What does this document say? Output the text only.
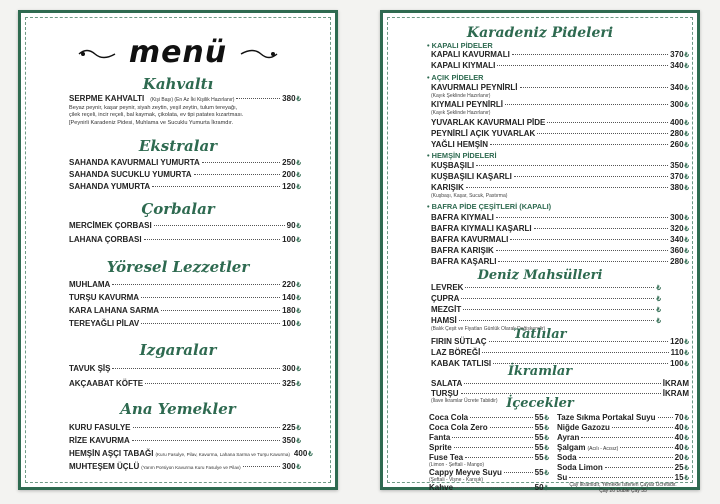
menü
Kahvaltı
SERPME KAHVALTI (Kişi Başı) (En Az İki Kişilik Hazırlanır)	380 ₺
Beyaz peynir, kaşar peynir, siyah zeytin, yeşil zeytin, tulum tereyağı,
çilek reçeli, incir reçeli, bal kaymak, çikolata, ev tipi patates kızartması.
[Peynirli Karadeniz Pidesi, Muhlama ve Sucuklu Yumurta İkramdır.
Ekstralar
SAHANDA KAVURMALI YUMURTA	250 ₺
SAHANDA SUCUKLU YUMURTA	200 ₺
SAHANDA YUMURTA	120 ₺
Çorbalar
MERCİMEK ÇORBASI	90 ₺
LAHANA ÇORBASI	100 ₺
Yöresel Lezzetler
MUHLAMA	220 ₺
TURŞU KAVURMA	140 ₺
KARA LAHANA SARMA	180 ₺
TEREYAĞLI PİLAV	100 ₺
Izgaralar
TAVUK ŞİŞ	300 ₺
AKÇAABAT KÖFTE	325 ₺
Ana Yemekler
KURU FASULYE	225 ₺
RİZE KAVURMA	350 ₺
HEMŞİN AŞÇI TABAĞI (Kuru Fasulye, Pilav, Kavurma, Lahana Sarma ve Turşu Kavurma) 400 ₺
MUHTEŞEM ÜÇLÜ (Yarım Porsiyon Kavurma Kuru Fasulye ve Pilav)	300 ₺
Karadeniz Pideleri
• KAPALI PİDELER
KAPALI KAVURMALI	370 ₺
KAPALI KIYMALI	340 ₺
• AÇIK PİDELER
KAVURMALI PEYNİRLİ	340 ₺
(Kayık Şeklinde Hazırlanır)
KIYMALI PEYNİRLİ	300 ₺
(Kayık Şeklinde Hazırlanır)
YUVARLAK KAVURMALI PİDE	400 ₺
PEYNİRLİ AÇIK YUVARLAK	280 ₺
YAĞLI HEMŞİN	260 ₺
• HEMŞİN PİDELERİ
KUŞBAŞILI	350 ₺
KUŞBAŞILI KAŞARLI	370 ₺
KARIŞIK	380 ₺
(Kuşbaşı, Kaşar, Sucuk, Pastırma)
• BAFRA PİDE ÇEŞİTLERİ (KAPALI)
BAFRA KIYMALI	300 ₺
BAFRA KIYMALI KAŞARLI	320 ₺
BAFRA KAVURMALI	340 ₺
BAFRA KARIŞIK	360 ₺
BAFRA KAŞARLI	280 ₺
Deniz Mahsülleri
LEVREK	₺
ÇUPRA	₺
MEZGİT	₺
HAMSİ	₺
(Balık Çeşit ve Fiyatları Günlük Olarak Değişkendir)
Tatlılar
FIRIN SÜTLAÇ	120 ₺
LAZ BÖREĞİ	110 ₺
KABAK TATLISI	100 ₺
İkramlar
SALATA	İKRAM
TURŞU	İKRAM
(İlave İkramlar Ücrete Tabiidir) İçecekler
Coca Cola	55 ₺
Coca Cola Zero	55 ₺
Fanta	55 ₺
Sprite	55 ₺
Fuse Tea	55 ₺
(Limon - Şeftali - Mango)
Cappy Meyve Suyu	55 ₺
(Şeftali - Vişne - Karışık)
Kahve	50 ₺
Taze Sıkma Portakal Suyu 70 ₺
Niğde Gazozu	40 ₺
Ayran	40 ₺
Şalgam (Acılı - Acısız)	40 ₺
Soda	20 ₺
Soda Limon	25 ₺
Su	15 ₺
Çay İkramıdır, Yemekle İstenen Çaylar Ücretlidir.
Çay 20 Duble Çay 35
